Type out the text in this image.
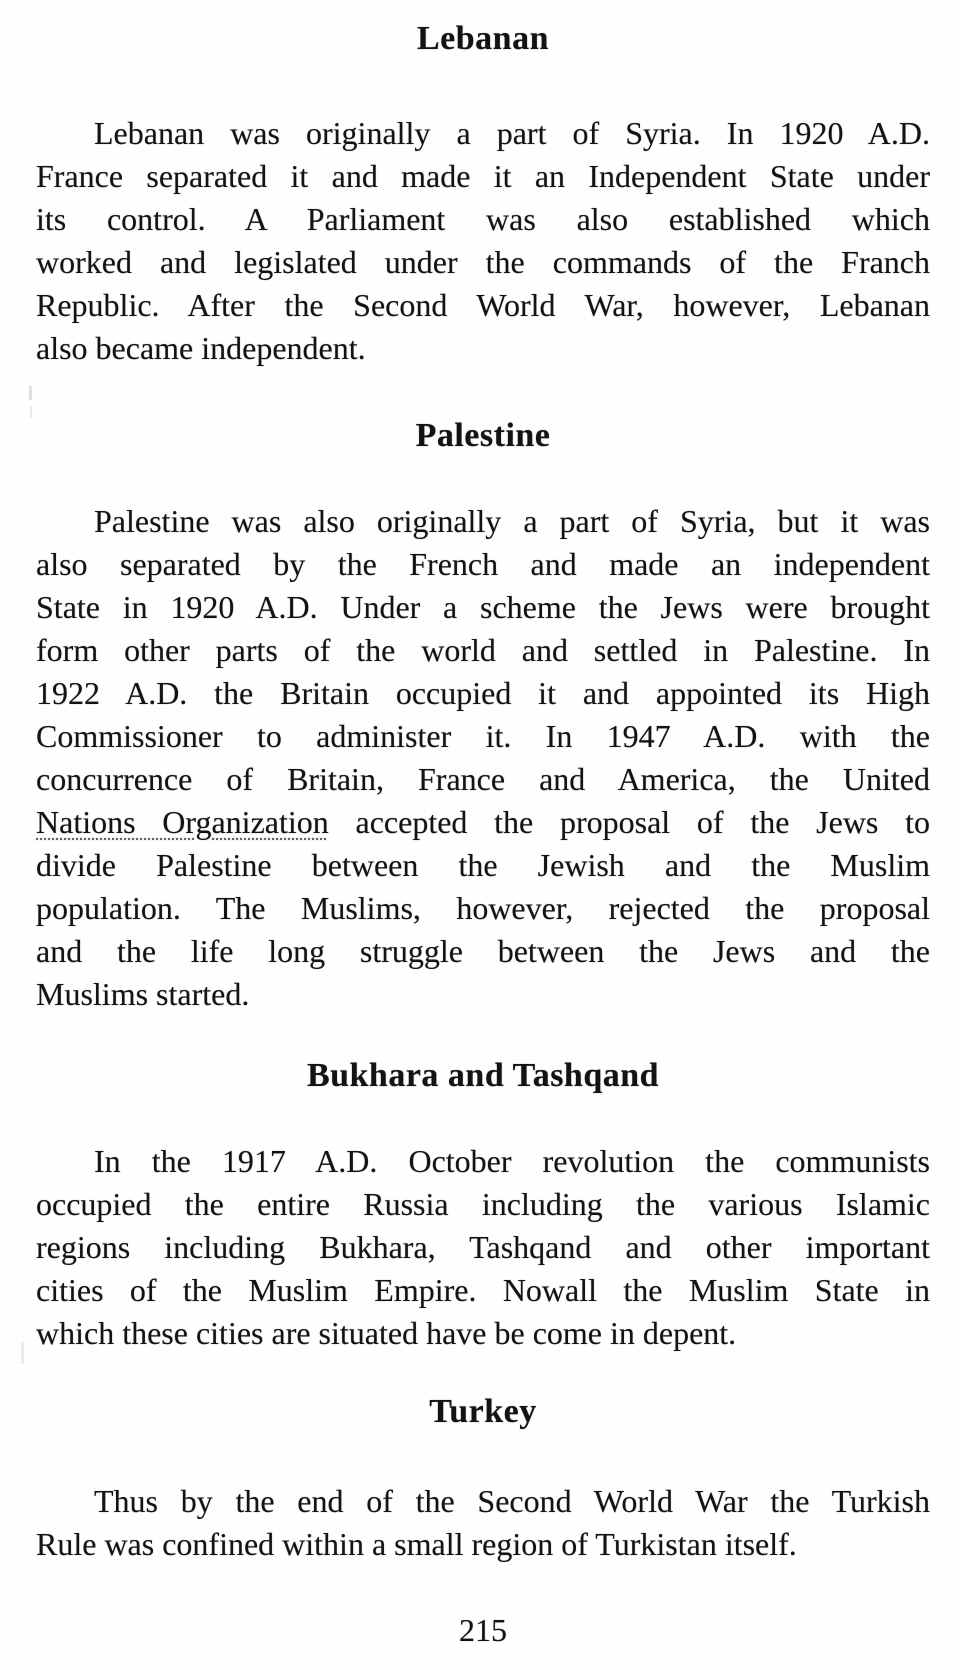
Lebanan
Lebanan was originally a part of Syria. In 1920 A.D.
France separated it and made it an Independent State under
its control. A Parliament was also established which
worked and legislated under the commands of the Franch
Republic. After the Second World War, however, Lebanan
also became independent.
Palestine
Palestine was also originally a part of Syria, but it was
also separated by the French and made an independent
State in 1920 A.D. Under a scheme the Jews were brought
form other parts of the world and settled in Palestine. In
1922 A.D. the Britain occupied it and appointed its High
Commissioner to administer it. In 1947 A.D. with the
concurrence of Britain, France and America, the United
Nations Organization accepted the proposal of the Jews to
divide Palestine between the Jewish and the Muslim
population. The Muslims, however, rejected the proposal
and the life long struggle between the Jews and the
Muslims started.
Bukhara and Tashqand
In the 1917 A.D. October revolution the communists
occupied the entire Russia including the various Islamic
regions including Bukhara, Tashqand and other important
cities of the Muslim Empire. Nowall the Muslim State in
which these cities are situated have be come in depent.
Turkey
Thus by the end of the Second World War the Turkish
Rule was confined within a small region of Turkistan itself.
215
